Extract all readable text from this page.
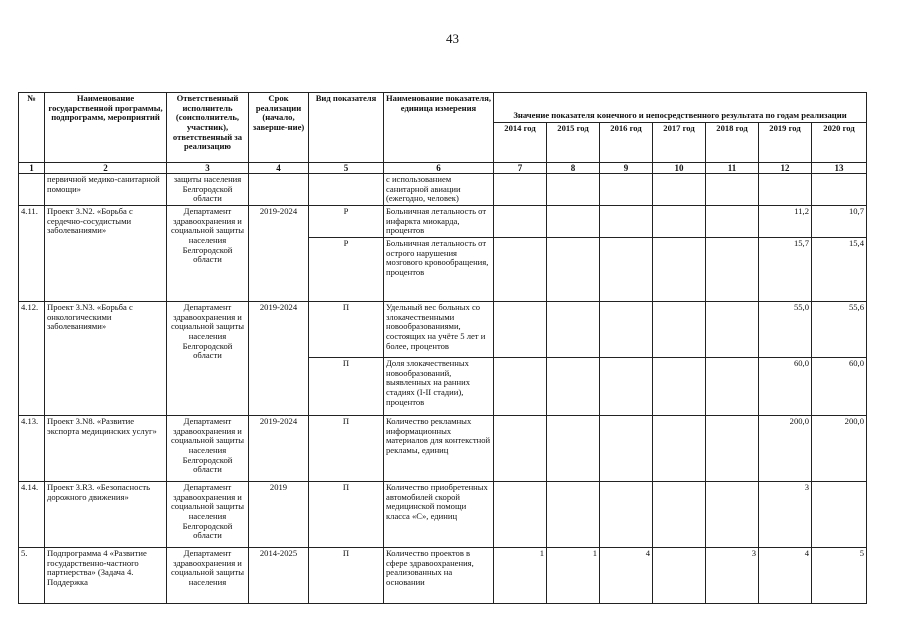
43
№	Наименование государственной программы, подпрограмм, мероприятий	Ответственный исполнитель (соисполнитель, участник), ответственный за реализацию	Срок реализации (начало, заверше-ние)	Вид показателя	Наименование показателя, единица измерения	Значение показателя конечного и непосредственного результата по годам реализации						
						2014 год	2015 год	2016 год	2017 год	2018 год	2019 год	2020 год
1	2	3	4	5	6	7	8	9	10	11	12	13
	первичной медико-санитарной помощи»	защиты населения Белгородской области			с использованием санитарной авиации (ежегодно, человек)							
4.11.	Проект 3.N2. «Борьба с сердечно-сосудистыми заболеваниями»	Департамент здравоохранения и социальной защиты населения Белгородской области	2019-2024	Р	Больничная летальность от инфаркта миокарда, процентов						11,2	10,7
				Р	Больничная летальность от острого нарушения мозгового кровообращения, процентов						15,7	15,4
4.12.	Проект 3.N3. «Борьба с онкологическими заболеваниями»	Департамент здравоохранения и социальной защиты населения Белгородской области	2019-2024	П	Удельный вес больных со злокачественными новообразованиями, состоящих на учёте 5 лет и более, процентов						55,0	55,6
				П	Доля злокачественных новообразований, выявленных на ранних стадиях (I-II стадии), процентов						60,0	60,0
4.13.	Проект 3.N8. «Развитие экспорта медицинских услуг»	Департамент здравоохранения и социальной защиты населения Белгородской области	2019-2024	П	Количество рекламных информационных материалов для контекстной рекламы, единиц						200,0	200,0
4.14.	Проект 3.R3. «Безопасность дорожного движения»	Департамент здравоохранения и социальной защиты населения Белгородской области	2019	П	Количество приобретенных автомобилей скорой медицинской помощи класса «С», единиц						3	
5.	Подпрограмма 4 «Развитие государственно-частного партнерства» (Задача 4. Поддержка	Департамент здравоохранения и социальной защиты населения	2014-2025	П	Количество проектов в сфере здравоохранения, реализованных на основании	1	1	4		3	4	5
